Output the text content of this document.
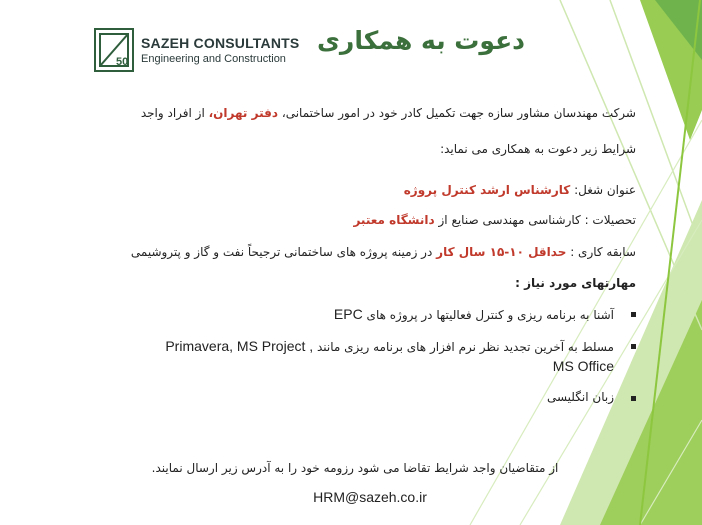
50
SAZEH CONSULTANTS
Engineering and Construction
دعوت به همکاری
شرکت مهندسان مشاور سازه جهت تکمیل کادر خود در امور ساختمانی، دفتر تهران، از افراد واجد
شرایط زیر دعوت به همکاری می نماید:
عنوان شغل: کارشناس ارشد کنترل پروژه
تحصیلات : کارشناسی مهندسی صنایع از دانشگاه معتبر
سابقه کاری : حداقل ۱۰-۱۵ سال کار در زمینه پروژه های ساختمانی ترجیحاً نفت و گاز و پتروشیمی
مهارتهای مورد نیاز :
آشنا به برنامه ریزی و کنترل فعالیتها در پروژه های EPC
مسلط به آخرین تجدید نظر نرم افزار های برنامه ریزی مانند Primavera, MS Project ,
MS Office
زبان انگلیسی
از متقاضیان واجد شرایط تقاضا می شود رزومه خود را به آدرس زیر ارسال نمایند.
HRM@sazeh.co.ir
